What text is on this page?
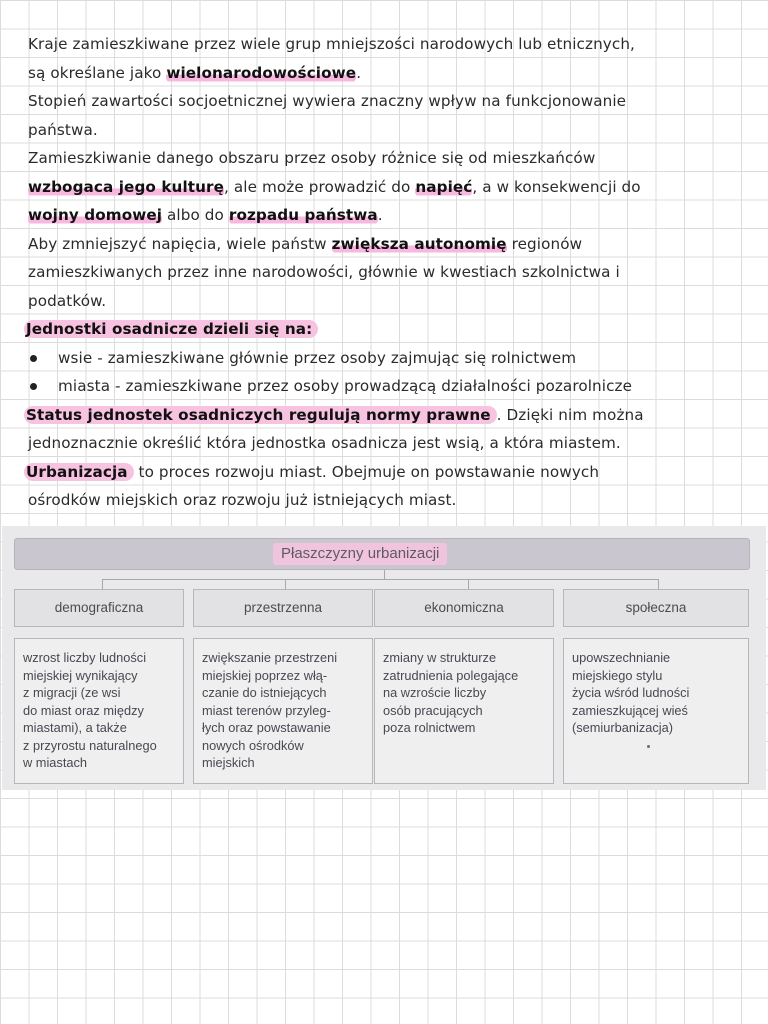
Kraje zamieszkiwane przez wiele grup mniejszości narodowych lub etnicznych,
są określane jako wielonarodowościowe.

Stopień zawartości socjoetnicznej wywiera znaczny wpływ na funkcjonowanie
państwa.

Zamieszkiwanie danego obszaru przez osoby różnice się od mieszkańców
wzbogaca jego kulturę, ale może prowadzić do napięć, a w konsekwencji do
wojny domowej albo do rozpadu państwa.

Aby zmniejszyć napięcia, wiele państw zwiększa autonomię regionów
zamieszkiwanych przez inne narodowości, głównie w kwestiach szkolnictwa i
podatków.

Jednostki osadnicze dzieli się na:

wsie - zamieszkiwane głównie przez osoby zajmując się rolnictwem
miasta - zamieszkiwane przez osoby prowadzącą działalności pozarolnicze

Status jednostek osadniczych regulują normy prawne . Dzięki nim można
jednoznacznie określić która jednostka osadnicza jest wsią, a która miastem.

Urbanizacja to proces rozwoju miast. Obejmuje on powstawanie nowych
ośrodków miejskich oraz rozwoju już istniejących miast.

Płaszczyzny urbanizacji
demograficzna	przestrzenna	ekonomiczna	społeczna

wzrost liczby ludności

miejskiej wynikający

z migracji (ze wsi

do miast oraz między

miastami), a także

z przyrostu naturalnego

w miastach

zwiększanie przestrzeni

miejskiej poprzez włą-

czanie do istniejących

miast terenów przyleg-

łych oraz powstawanie

nowych ośrodków

miejskich

zmiany w strukturze

zatrudnienia polegające

na wzroście liczby

osób pracujących

poza rolnictwem

upowszechnianie

miejskiego stylu

życia wśród ludności

zamieszkującej wieś

(semiurbanizacja)
